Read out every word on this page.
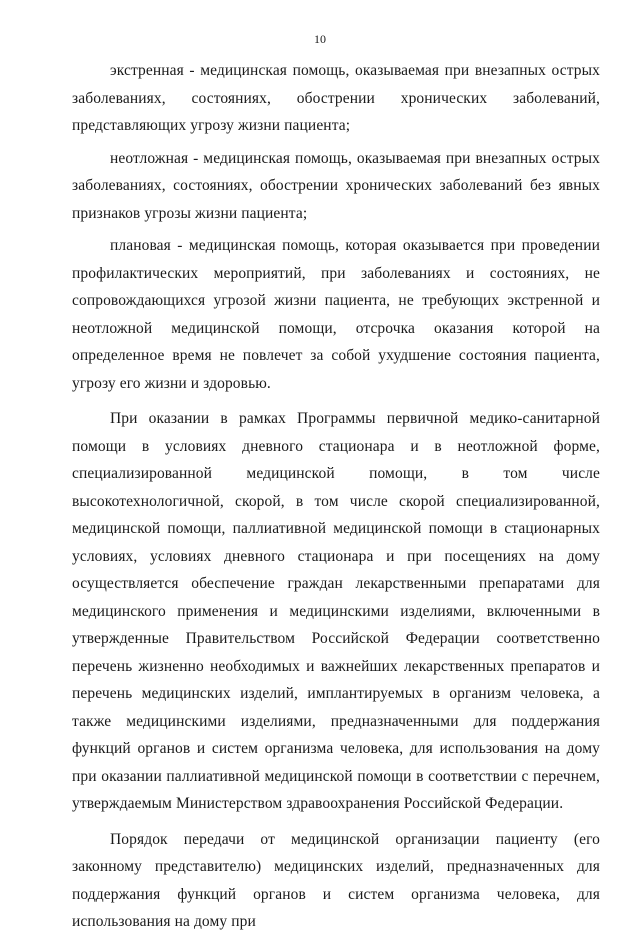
10

экстренная - медицинская помощь, оказываемая при внезапных острых заболеваниях, состояниях, обострении хронических заболеваний, представляющих угрозу жизни пациента;

неотложная - медицинская помощь, оказываемая при внезапных острых заболеваниях, состояниях, обострении хронических заболеваний без явных признаков угрозы жизни пациента;

плановая - медицинская помощь, которая оказывается при проведении профилактических мероприятий, при заболеваниях и состояниях, не сопровождающихся угрозой жизни пациента, не требующих экстренной и неотложной медицинской помощи, отсрочка оказания которой на определенное время не повлечет за собой ухудшение состояния пациента, угрозу его жизни и здоровью.

При оказании в рамках Программы первичной медико-санитарной помощи в условиях дневного стационара и в неотложной форме, специализированной медицинской помощи, в том числе высокотехнологичной, скорой, в том числе скорой специализированной, медицинской помощи, паллиативной медицинской помощи в стационарных условиях, условиях дневного стационара и при посещениях на дому осуществляется обеспечение граждан лекарственными препаратами для медицинского применения и медицинскими изделиями, включенными в утвержденные Правительством Российской Федерации соответственно перечень жизненно необходимых и важнейших лекарственных препаратов и перечень медицинских изделий, имплантируемых в организм человека, а также медицинскими изделиями, предназначенными для поддержания функций органов и систем организма человека, для использования на дому при оказании паллиативной медицинской помощи в соответствии с перечнем, утверждаемым Министерством здравоохранения Российской Федерации.

Порядок передачи от медицинской организации пациенту (его законному представителю) медицинских изделий, предназначенных для поддержания функций органов и систем организма человека, для использования на дому при
